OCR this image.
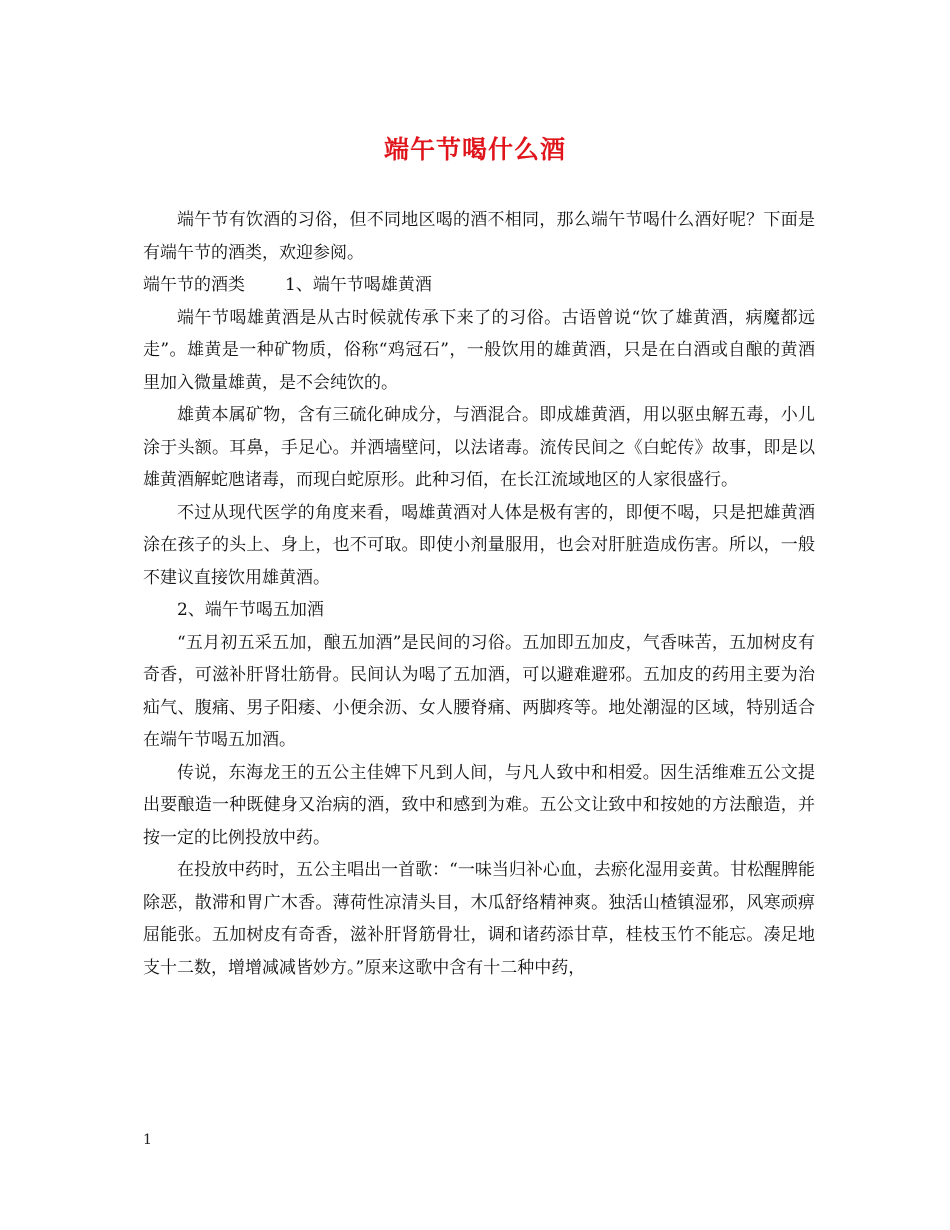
端午节喝什么酒

端午节有饮酒的习俗，但不同地区喝的酒不相同，那么端午节喝什么酒好呢？下面是有端午节的酒类，欢迎参阅。

端午节的酒类 1、端午节喝雄黄酒

端午节喝雄黄酒是从古时候就传承下来了的习俗。古语曾说“饮了雄黄酒，病魔都远走”。雄黄是一种矿物质，俗称“鸡冠石”，一般饮用的雄黄酒，只是在白酒或自酿的黄酒里加入微量雄黄，是不会纯饮的。

雄黄本属矿物，含有三硫化砷成分，与酒混合。即成雄黄酒，用以驱虫解五毒，小儿涂于头额。耳鼻，手足心。并洒墙壁问，以法诸毒。流传民间之《白蛇传》故事，即是以雄黄酒解蛇虺诸毒，而现白蛇原形。此种习佰，在长江流域地区的人家很盛行。

不过从现代医学的角度来看，喝雄黄酒对人体是极有害的，即便不喝，只是把雄黄酒涂在孩子的头上、身上，也不可取。即使小剂量服用，也会对肝脏造成伤害。所以，一般不建议直接饮用雄黄酒。

2、端午节喝五加酒

“五月初五采五加，酿五加酒”是民间的习俗。五加即五加皮，气香味苦，五加树皮有奇香，可滋补肝肾壮筋骨。民间认为喝了五加酒，可以避难避邪。五加皮的药用主要为治疝气、腹痛、男子阳痿、小便余沥、女人腰脊痛、两脚疼等。地处潮湿的区域，特别适合在端午节喝五加酒。

传说，东海龙王的五公主佳婢下凡到人间，与凡人致中和相爱。因生活维难五公文提出要酿造一种既健身又治病的酒，致中和感到为难。五公文让致中和按她的方法酿造，并按一定的比例投放中药。

在投放中药时，五公主唱出一首歌：“一味当归补心血，去瘀化湿用妾黄。甘松醒脾能除恶，散滞和胃广木香。薄荷性凉清头目，木瓜舒络精神爽。独活山楂镇湿邪，风寒顽痹屈能张。五加树皮有奇香，滋补肝肾筋骨壮，调和诸药添甘草，桂枝玉竹不能忘。凑足地支十二数，增增减减皆妙方。”原来这歌中含有十二种中药，

1
